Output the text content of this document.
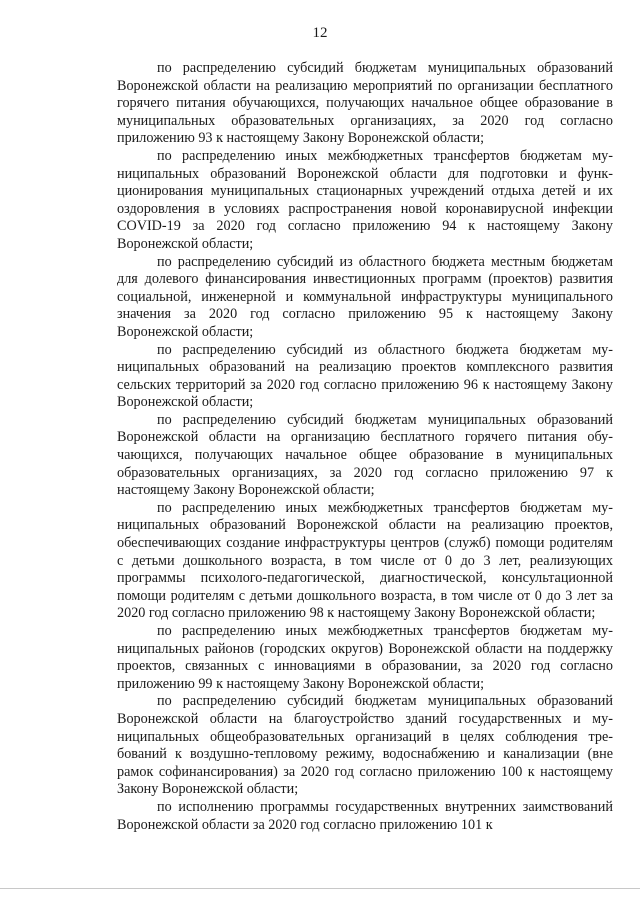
12

по распределению субсидий бюджетам муниципальных образований Воронежской области на реализацию мероприятий по организации бесплатного горячего питания обучающихся, получающих начальное общее образование в муниципальных образовательных организациях, за 2020 год согласно приложению 93 к настоящему Закону Воронежской области;

по распределению иных межбюджетных трансфертов бюджетам муниципальных образований Воронежской области для подготовки и функционирования муниципальных стационарных учреждений отдыха детей и их оздоровления в условиях распространения новой коронавирусной инфекции COVID-19 за 2020 год согласно приложению 94 к настоящему Закону Воронежской области;

по распределению субсидий из областного бюджета местным бюджетам для долевого финансирования инвестиционных программ (проектов) развития социальной, инженерной и коммунальной инфраструктуры муниципального значения за 2020 год согласно приложению 95 к настоящему Закону Воронежской области;

по распределению субсидий из областного бюджета бюджетам муниципальных образований на реализацию проектов комплексного развития сельских территорий за 2020 год согласно приложению 96 к настоящему Закону Воронежской области;

по распределению субсидий бюджетам муниципальных образований Воронежской области на организацию бесплатного горячего питания обучающихся, получающих начальное общее образование в муниципальных образовательных организациях, за 2020 год согласно приложению 97 к настоящему Закону Воронежской области;

по распределению иных межбюджетных трансфертов бюджетам муниципальных образований Воронежской области на реализацию проектов, обеспечивающих создание инфраструктуры центров (служб) помощи родителям с детьми дошкольного возраста, в том числе от 0 до 3 лет, реализующих программы психолого-педагогической, диагностической, консультационной помощи родителям с детьми дошкольного возраста, в том числе от 0 до 3 лет за 2020 год согласно приложению 98 к настоящему Закону Воронежской области;

по распределению иных межбюджетных трансфертов бюджетам муниципальных районов (городских округов) Воронежской области на поддержку проектов, связанных с инновациями в образовании, за 2020 год согласно приложению 99 к настоящему Закону Воронежской области;

по распределению субсидий бюджетам муниципальных образований Воронежской области на благоустройство зданий государственных и муниципальных общеобразовательных организаций в целях соблюдения требований к воздушно-тепловому режиму, водоснабжению и канализации (вне рамок софинансирования) за 2020 год согласно приложению 100 к настоящему Закону Воронежской области;

по исполнению программы государственных внутренних заимствований Воронежской области за 2020 год согласно приложению 101 к
